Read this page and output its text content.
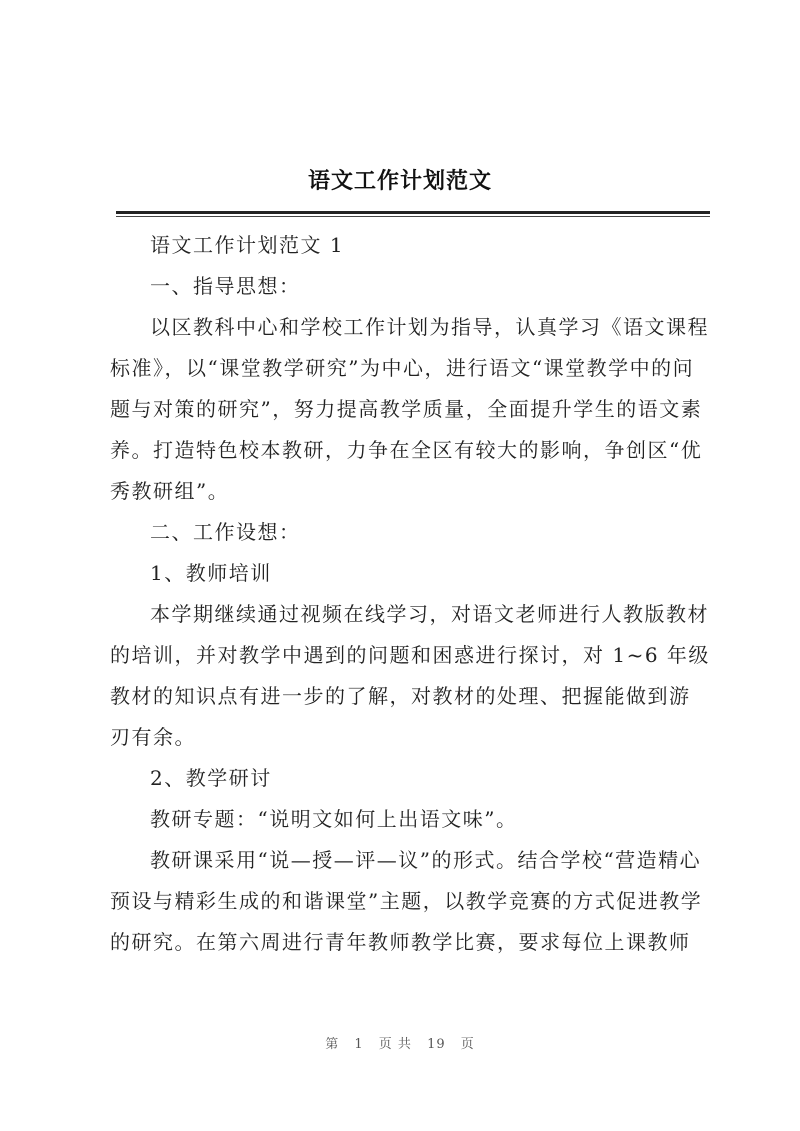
语文工作计划范文

语文工作计划范文 1

一、指导思想：

以区教科中心和学校工作计划为指导，认真学习《语文课程标准》，以“课堂教学研究”为中心，进行语文“课堂教学中的问题与对策的研究”，努力提高教学质量，全面提升学生的语文素养。打造特色校本教研，力争在全区有较大的影响，争创区“优秀教研组”。

二、工作设想：

1、教师培训

本学期继续通过视频在线学习，对语文老师进行人教版教材的培训，并对教学中遇到的问题和困惑进行探讨，对 1~6 年级教材的知识点有进一步的了解，对教材的处理、把握能做到游刃有余。

2、教学研讨

教研专题：“说明文如何上出语文味”。

教研课采用“说—授—评—议”的形式。结合学校“营造精心预设与精彩生成的和谐课堂”主题，以教学竞赛的方式促进教学的研究。在第六周进行青年教师教学比赛，要求每位上课教师

第 1 页 共 19 页
